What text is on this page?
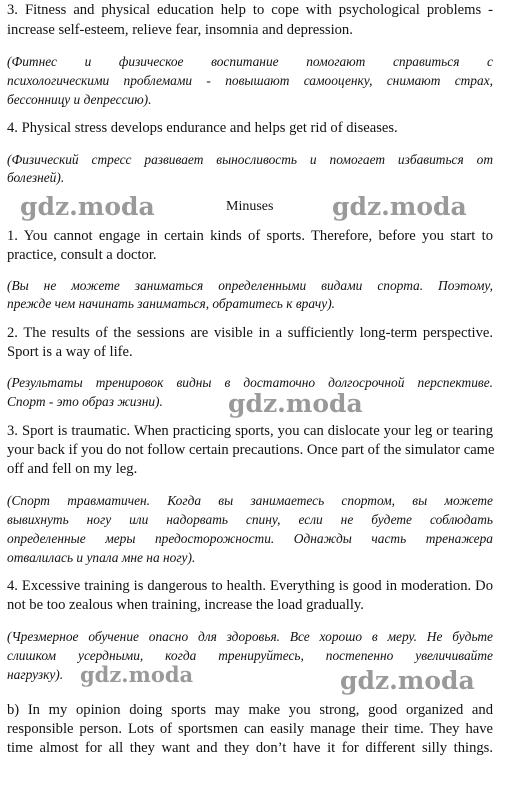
3. Fitness and physical education help to cope with psychological problems -

increase self-esteem, relieve fear, insomnia and depression.

(Фитнес и физическое воспитание помогают справиться с

психологическими проблемами - повышают самооценку, снимают страх,

бессонницу и депрессию).

4. Physical stress develops endurance and helps get rid of diseases.

(Физический стресс развивает выносливость и помогает избавиться от

болезней).

gdz.moda	Minuses gdz.moda

1. You cannot engage in certain kinds of sports. Therefore, before you start to

practice, consult a doctor.

(Вы не можете заниматься определенными видами спорта. Поэтому,

прежде чем начинать заниматься, обратитесь к врачу).

2. The results of the sessions are visible in a sufficiently long-term perspective.

Sport is a way of life.

(Результаты тренировок видны в достаточно долгосрочной перспективе.

Спорт - это образ жизни).	gdz.moda

3. Sport is traumatic. When practicing sports, you can dislocate your leg or tearing

your back if you do not follow certain precautions. Once part of the simulator came

off and fell on my leg.

(Спорт травматичен. Когда вы занимаетесь спортом, вы можете

вывихнуть ногу или надорвать спину, если не будете соблюдать

определенные меры предосторожности. Однажды часть тренажера

отвалилась и упала мне на ногу).

4. Excessive training is dangerous to health. Everything is good in moderation. Do

not be too zealous when training, increase the load gradually.

(Чрезмерное обучение опасно для здоровья. Все хорошо в меру. Не будьте

слишком усердными, когда тренируйтесь, постепенно увеличивайте

нагрузку). gdz.moda	gdz.moda

b) In my opinion doing sports may make you strong, good organized and

responsible person. Lots of sportsmen can easily manage their time. They have

time almost for all they want and they don’t have it for different silly things.
